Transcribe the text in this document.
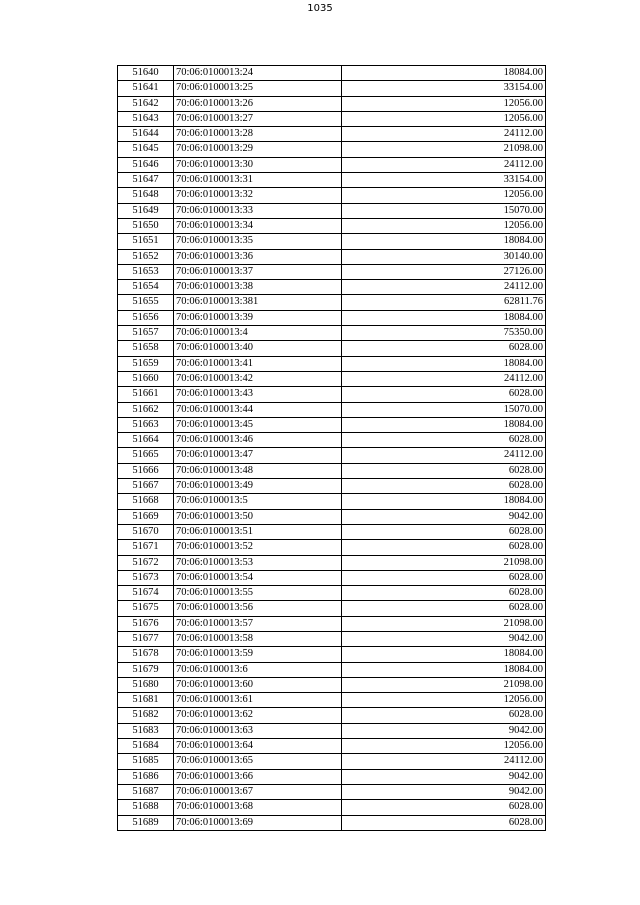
1035
51640	70:06:0100013:24	18084.00
51641	70:06:0100013:25	33154.00
51642	70:06:0100013:26	12056.00
51643	70:06:0100013:27	12056.00
51644	70:06:0100013:28	24112.00
51645	70:06:0100013:29	21098.00
51646	70:06:0100013:30	24112.00
51647	70:06:0100013:31	33154.00
51648	70:06:0100013:32	12056.00
51649	70:06:0100013:33	15070.00
51650	70:06:0100013:34	12056.00
51651	70:06:0100013:35	18084.00
51652	70:06:0100013:36	30140.00
51653	70:06:0100013:37	27126.00
51654	70:06:0100013:38	24112.00
51655	70:06:0100013:381	62811.76
51656	70:06:0100013:39	18084.00
51657	70:06:0100013:4	75350.00
51658	70:06:0100013:40	6028.00
51659	70:06:0100013:41	18084.00
51660	70:06:0100013:42	24112.00
51661	70:06:0100013:43	6028.00
51662	70:06:0100013:44	15070.00
51663	70:06:0100013:45	18084.00
51664	70:06:0100013:46	6028.00
51665	70:06:0100013:47	24112.00
51666	70:06:0100013:48	6028.00
51667	70:06:0100013:49	6028.00
51668	70:06:0100013:5	18084.00
51669	70:06:0100013:50	9042.00
51670	70:06:0100013:51	6028.00
51671	70:06:0100013:52	6028.00
51672	70:06:0100013:53	21098.00
51673	70:06:0100013:54	6028.00
51674	70:06:0100013:55	6028.00
51675	70:06:0100013:56	6028.00
51676	70:06:0100013:57	21098.00
51677	70:06:0100013:58	9042.00
51678	70:06:0100013:59	18084.00
51679	70:06:0100013:6	18084.00
51680	70:06:0100013:60	21098.00
51681	70:06:0100013:61	12056.00
51682	70:06:0100013:62	6028.00
51683	70:06:0100013:63	9042.00
51684	70:06:0100013:64	12056.00
51685	70:06:0100013:65	24112.00
51686	70:06:0100013:66	9042.00
51687	70:06:0100013:67	9042.00
51688	70:06:0100013:68	6028.00
51689	70:06:0100013:69	6028.00
